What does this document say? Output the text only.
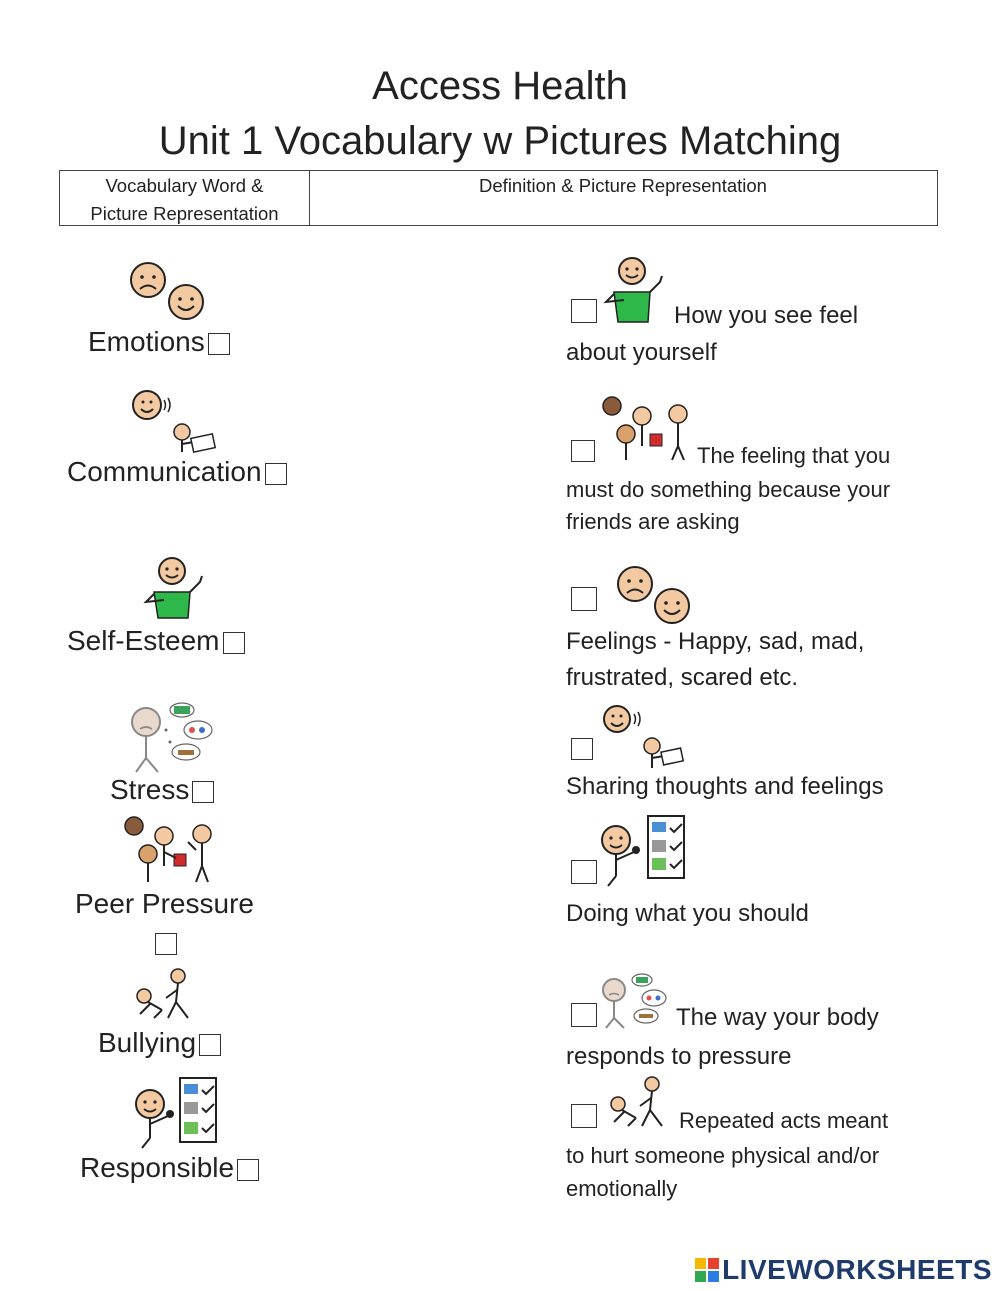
Access Health
Unit 1 Vocabulary w Pictures Matching
Vocabulary Word &
Picture Representation
Definition & Picture Representation
Emotions
Communication
Self-Esteem
Stress
Peer Pressure
Bullying
Responsible
How you see feel
about yourself
The feeling that you
must do something because your
friends are asking
Feelings - Happy, sad, mad,
frustrated, scared etc.
Sharing thoughts and feelings
Doing what you should
The way your body
responds to pressure
Repeated acts meant
to hurt someone physical and/or
emotionally
LIVEWORKSHEETS
